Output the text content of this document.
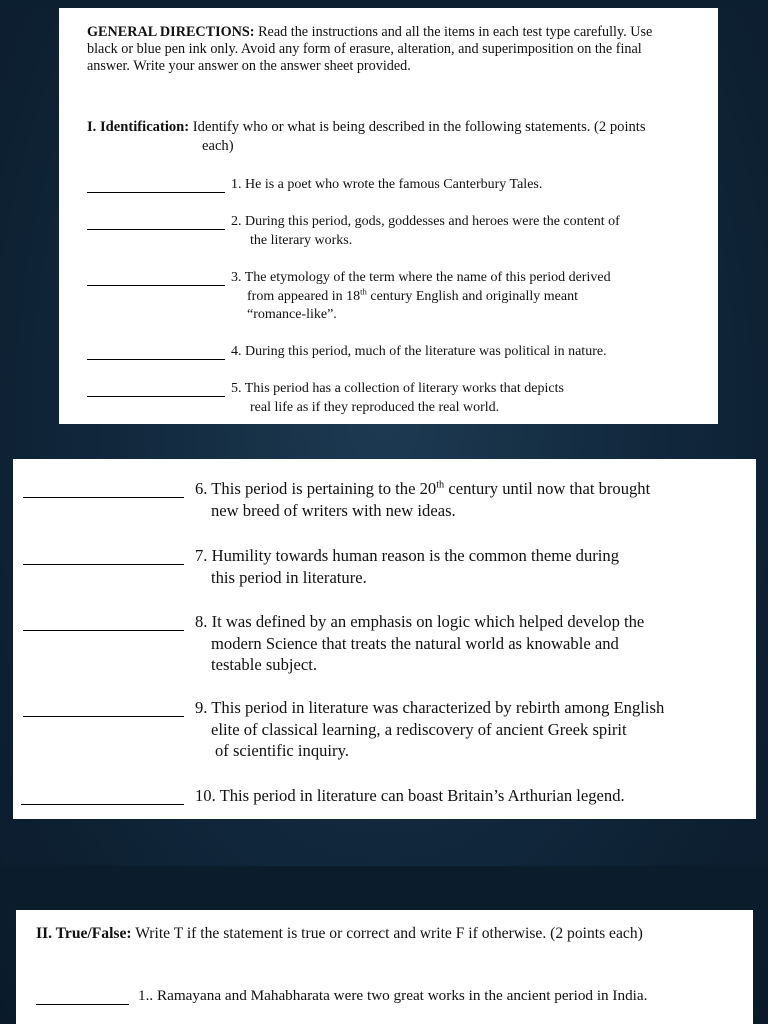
GENERAL DIRECTIONS: Read the instructions and all the items in each test type carefully. Use
black or blue pen ink only. Avoid any form of erasure, alteration, and superimposition on the final
answer. Write your answer on the answer sheet provided.
I. Identification: Identify who or what is being described in the following statements. (2 points
each)
1. He is a poet who wrote the famous Canterbury Tales.
2. During this period, gods, goddesses and heroes were the content of
the literary works.
3. The etymology of the term where the name of this period derived
from appeared in 18th century English and originally meant
“romance-like”.
4. During this period, much of the literature was political in nature.
5. This period has a collection of literary works that depicts
real life as if they reproduced the real world.
6. This period is pertaining to the 20th century until now that brought
new breed of writers with new ideas.
7. Humility towards human reason is the common theme during
this period in literature.
8. It was defined by an emphasis on logic which helped develop the
modern Science that treats the natural world as knowable and
testable subject.
9. This period in literature was characterized by rebirth among English
elite of classical learning, a rediscovery of ancient Greek spirit
of scientific inquiry.
10. This period in literature can boast Britain’s Arthurian legend.
II. True/False: Write T if the statement is true or correct and write F if otherwise. (2 points each)
1.. Ramayana and Mahabharata were two great works in the ancient period in India.
